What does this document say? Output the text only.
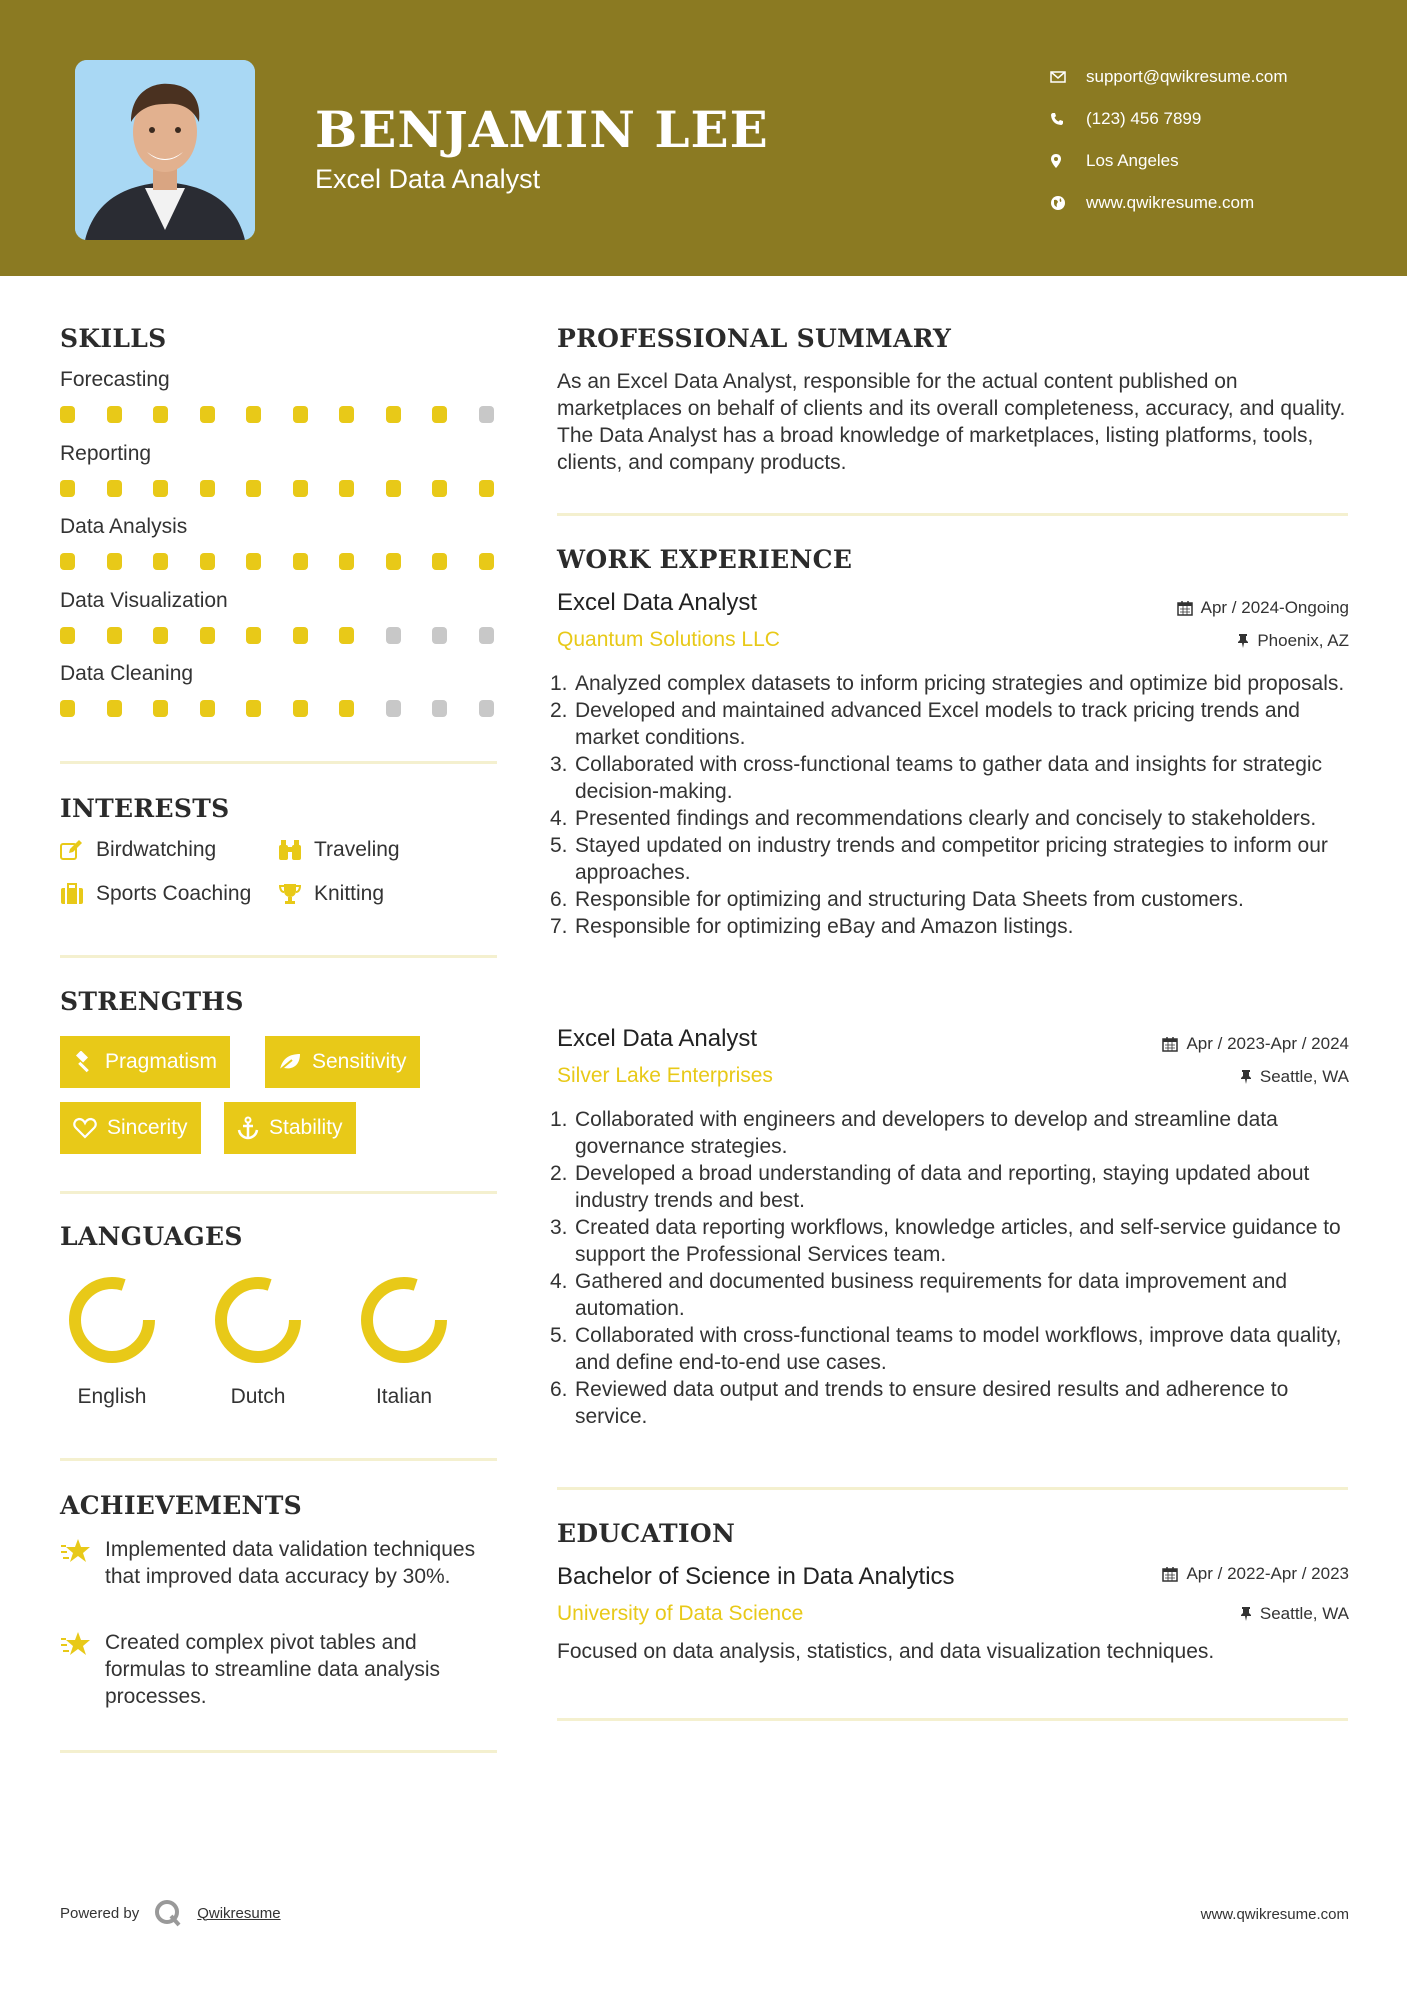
BENJAMIN LEE
Excel Data Analyst
support@qwikresume.com
(123) 456 7899
Los Angeles
www.qwikresume.com
SKILLS
Forecasting
Reporting
Data Analysis
Data Visualization
Data Cleaning
INTERESTS
Birdwatching	Traveling
Sports Coaching	Knitting
STRENGTHS
Pragmatism	Sensitivity
Sincerity	Stability
LANGUAGES
English	Dutch	Italian
ACHIEVEMENTS
Implemented data validation techniques that improved data accuracy by 30%.
Created complex pivot tables and formulas to streamline data analysis processes.
PROFESSIONAL SUMMARY
As an Excel Data Analyst, responsible for the actual content published on marketplaces on behalf of clients and its overall completeness, accuracy, and quality. The Data Analyst has a broad knowledge of marketplaces, listing platforms, tools, clients, and company products.
WORK EXPERIENCE
Excel Data Analyst	Apr / 2024-Ongoing
Quantum Solutions LLC	Phoenix, AZ
1. Analyzed complex datasets to inform pricing strategies and optimize bid proposals.
2. Developed and maintained advanced Excel models to track pricing trends and market conditions.
3. Collaborated with cross-functional teams to gather data and insights for strategic decision-making.
4. Presented findings and recommendations clearly and concisely to stakeholders.
5. Stayed updated on industry trends and competitor pricing strategies to inform our approaches.
6. Responsible for optimizing and structuring Data Sheets from customers.
7. Responsible for optimizing eBay and Amazon listings.
Excel Data Analyst	Apr / 2023-Apr / 2024
Silver Lake Enterprises	Seattle, WA
1. Collaborated with engineers and developers to develop and streamline data governance strategies.
2. Developed a broad understanding of data and reporting, staying updated about industry trends and best.
3. Created data reporting workflows, knowledge articles, and self-service guidance to support the Professional Services team.
4. Gathered and documented business requirements for data improvement and automation.
5. Collaborated with cross-functional teams to model workflows, improve data quality, and define end-to-end use cases.
6. Reviewed data output and trends to ensure desired results and adherence to service.
EDUCATION
Bachelor of Science in Data Analytics	Apr / 2022-Apr / 2023
University of Data Science	Seattle, WA
Focused on data analysis, statistics, and data visualization techniques.
Powered by	Qwikresume	www.qwikresume.com
